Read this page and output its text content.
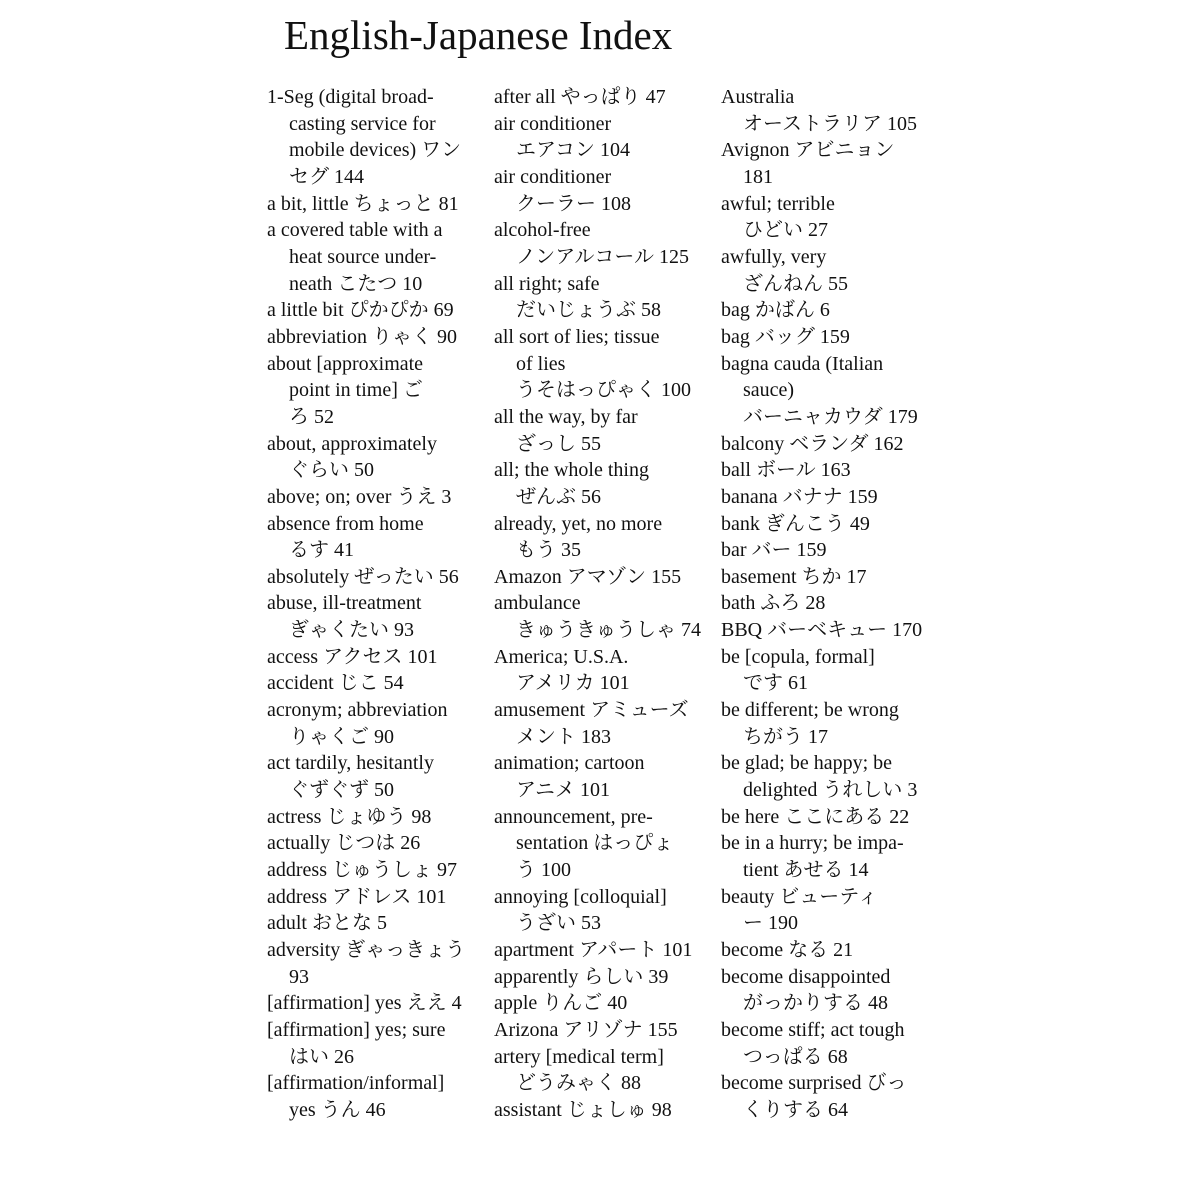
English-Japanese Index
1-Seg (digital broad-
casting service for
mobile devices) ワン
セグ 144
a bit, little ちょっと 81
a covered table with a
heat source under-
neath こたつ 10
a little bit ぴかぴか 69
abbreviation りゃく 90
about [approximate
point in time] ご
ろ 52
about, approximately
ぐらい 50
above; on; over うえ 3
absence from home
るす 41
absolutely ぜったい 56
abuse, ill-treatment
ぎゃくたい 93
access アクセス 101
accident じこ 54
acronym; abbreviation
りゃくご 90
act tardily, hesitantly
ぐずぐず 50
actress じょゆう 98
actually じつは 26
address じゅうしょ 97
address アドレス 101
adult おとな 5
adversity ぎゃっきょう
93
[affirmation] yes ええ 4
[affirmation] yes; sure
はい 26
[affirmation/informal]
yes うん 46
after all やっぱり 47
air conditioner
エアコン 104
air conditioner
クーラー 108
alcohol-free
ノンアルコール 125
all right; safe
だいじょうぶ 58
all sort of lies; tissue
of lies
うそはっぴゃく 100
all the way, by far
ざっし 55
all; the whole thing
ぜんぶ 56
already, yet, no more
もう 35
Amazon アマゾン 155
ambulance
きゅうきゅうしゃ 74
America; U.S.A.
アメリカ 101
amusement アミューズ
メント 183
animation; cartoon
アニメ 101
announcement, pre-
sentation はっぴょ
う 100
annoying [colloquial]
うざい 53
apartment アパート 101
apparently らしい 39
apple りんご 40
Arizona アリゾナ 155
artery [medical term]
どうみゃく 88
assistant じょしゅ 98
Australia
オーストラリア 105
Avignon アビニョン
181
awful; terrible
ひどい 27
awfully, very
ざんねん 55
bag かばん 6
bag バッグ 159
bagna cauda (Italian
sauce)
バーニャカウダ 179
balcony ベランダ 162
ball ボール 163
banana バナナ 159
bank ぎんこう 49
bar バー 159
basement ちか 17
bath ふろ 28
BBQ バーベキュー 170
be [copula, formal]
です 61
be different; be wrong
ちがう 17
be glad; be happy; be
delighted うれしい 3
be here ここにある 22
be in a hurry; be impa-
tient あせる 14
beauty ビューティ
ー 190
become なる 21
become disappointed
がっかりする 48
become stiff; act tough
つっぱる 68
become surprised びっ
くりする 64
